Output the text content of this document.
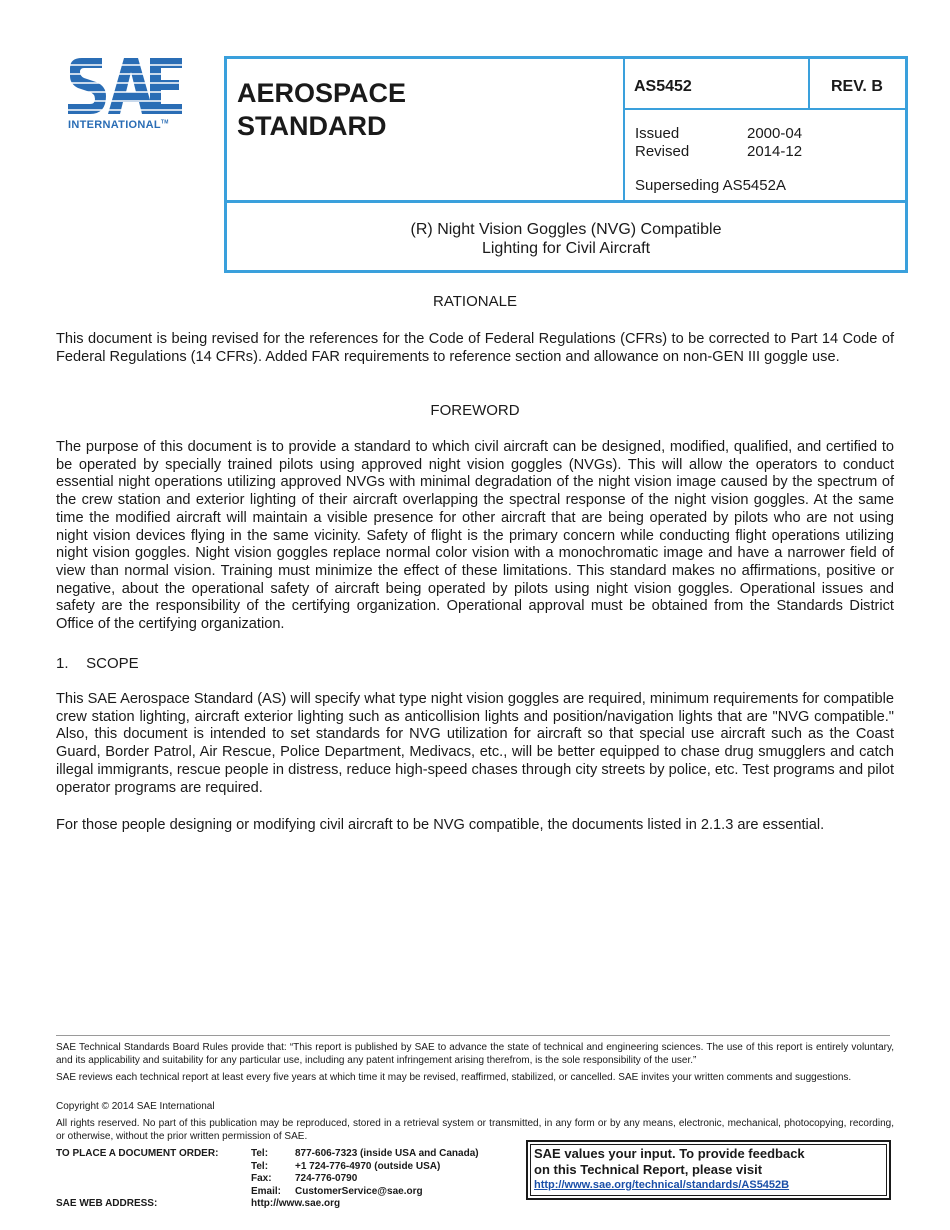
INTERNATIONAL™
AEROSPACE
STANDARD
AS5452	REV. B
Issued	2000-04
Revised	2014-12
Superseding AS5452A
(R) Night Vision Goggles (NVG) Compatible
Lighting for Civil Aircraft
RATIONALE

This document is being revised for the references for the Code of Federal Regulations (CFRs) to be corrected to Part 14 Code of Federal Regulations (14 CFRs). Added FAR requirements to reference section and allowance on non-GEN III goggle use.

FOREWORD

The purpose of this document is to provide a standard to which civil aircraft can be designed, modified, qualified, and certified to be operated by specially trained pilots using approved night vision goggles (NVGs). This will allow the operators to conduct essential night operations utilizing approved NVGs with minimal degradation of the night vision image caused by the spectrum of the crew station and exterior lighting of their aircraft overlapping the spectral response of the night vision goggles. At the same time the modified aircraft will maintain a visible presence for other aircraft that are being operated by pilots who are not using night vision devices flying in the same vicinity. Safety of flight is the primary concern while conducting flight operations utilizing night vision goggles. Night vision goggles replace normal color vision with a monochromatic image and have a narrower field of view than normal vision. Training must minimize the effect of these limitations. This standard makes no affirmations, positive or negative, about the operational safety of aircraft being operated by pilots using night vision goggles. Operational issues and safety are the responsibility of the certifying organization. Operational approval must be obtained from the Standards District Office of the certifying organization.

1. SCOPE

This SAE Aerospace Standard (AS) will specify what type night vision goggles are required, minimum requirements for compatible crew station lighting, aircraft exterior lighting such as anticollision lights and position/navigation lights that are "NVG compatible." Also, this document is intended to set standards for NVG utilization for aircraft so that special use aircraft such as the Coast Guard, Border Patrol, Air Rescue, Police Department, Medivacs, etc., will be better equipped to chase drug smugglers and catch illegal immigrants, rescue people in distress, reduce high-speed chases through city streets by police, etc. Test programs and pilot operator programs are required.

For those people designing or modifying civil aircraft to be NVG compatible, the documents listed in 2.1.3 are essential.

SAE Technical Standards Board Rules provide that: “This report is published by SAE to advance the state of technical and engineering sciences. The use of this report is entirely voluntary, and its applicability and suitability for any particular use, including any patent infringement arising therefrom, is the sole responsibility of the user.”

SAE reviews each technical report at least every five years at which time it may be revised, reaffirmed, stabilized, or cancelled. SAE invites your written comments and suggestions.

Copyright © 2014 SAE International

All rights reserved. No part of this publication may be reproduced, stored in a retrieval system or transmitted, in any form or by any means, electronic, mechanical, photocopying, recording, or otherwise, without the prior written permission of SAE.

TO PLACE A DOCUMENT ORDER:	Tel:	877-606-7323 (inside USA and Canada)
Tel:	+1 724-776-4970 (outside USA)
Fax:	724-776-0790
Email:	CustomerService@sae.org
SAE WEB ADDRESS:	http://www.sae.org
SAE values your input. To provide feedback
on this Technical Report, please visit
http://www.sae.org/technical/standards/AS5452B
